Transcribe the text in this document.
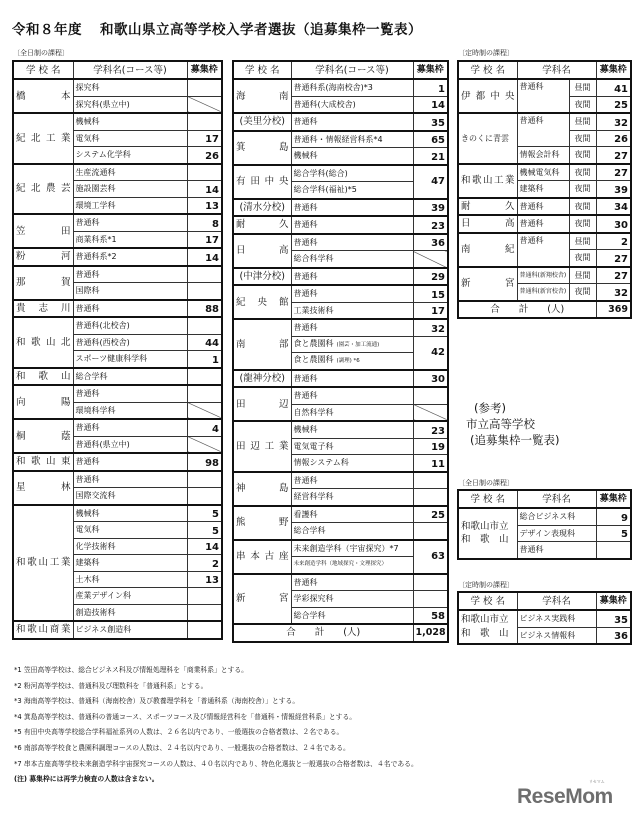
令和８年度 和歌山県立高等学校入学者選抜（追募集枠一覧表）
〔全日制の課程〕	〔定時制の課程〕
学 校 名	学科名(コース等)	募集枠
橋本	探究科	
	探究科(県立中)	
紀北工業	機械科	
	電気科	17
	システム化学科	26
紀北農芸	生産流通科	
	施設園芸科	14
	環境工学科	13
笠田	普通科	8
	商業科系*1	17
粉河	普通科系*2	14
那賀	普通科	
	国際科	
貴志川	普通科	88
和歌山北	普通科(北校舎)	
	普通科(西校舎)	44
	スポーツ健康科学科	1
和歌山	総合学科	
向陽	普通科	
	環境科学科	
桐蔭	普通科	4
	普通科(県立中)	
和歌山東	普通科	98
星林	普通科	
	国際交流科	
和歌山工業	機械科	5
	電気科	5
	化学技術科	14
	建築科	2
	土木科	13
	産業デザイン科	
	創造技術科	
和歌山商業	ビジネス創造科	
学 校 名	学科名(コース等)	募集枠
海南	普通科系(海南校舎)*3	1
	普通科(大成校舎)	14
(美里分校)	普通科	35
箕島	普通科・情報経営科系*4	65
	機械科	21
有田中央	総合学科(総合)	47
	総合学科(福祉)*5	
(清水分校)	普通科	39
耐久	普通科	23
日高	普通科	36
	総合科学科	
(中津分校)	普通科	29
紀央館	普通科	15
	工業技術科	17
南部	普通科	32
	食と農園科 (園芸・加工流通)	42
	食と農園科 (調理) *6	
(龍神分校)	普通科	30
田辺	普通科	
	自然科学科	
田辺工業	機械科	23
	電気電子科	19
	情報システム科	11
神島	普通科	
	経営科学科	
熊野	看護科	25
	総合学科	
串本古座	未来創造学科（宇宙探究）*7	63
	未来創造学科（地域探究・文理探究）	
新宮	普通科	
	学彩探究科	
	総合学科	58
合　　計　　(人)		1,028
学 校 名	学科名		募集枠
伊都中央	普通科	昼間	41
		夜間	25
きのくに青雲	普通科	昼間	32
		夜間	26
	情報会計科	夜間	27
和歌山工業	機械電気科	夜間	27
	建築科	夜間	39
耐久	普通科	夜間	34
日高	普通科	夜間	30
南紀	普通科	昼間	2
		夜間	27
新宮	普通科(新翔校舎)	昼間	27
	普通科(新宮校舎)	夜間	32
合　　計　　(人)			369
(参考)
市立高等学校
(追募集枠一覧表)
〔全日制の課程〕
学 校 名	学科名	募集枠

和歌山市立
和　歌　山	総合ビジネス科	9
	デザイン表現科	5
	普通科	
〔定時制の課程〕
学 校 名	学科名	募集枠

和歌山市立
和　歌　山	ビジネス実践科	35
	ビジネス情報科	36
*1 笠田高等学校は、総合ビジネス科及び情報処理科を「商業科系」とする。
*2 粉河高等学校は、普通科及び理数科を「普通科系」とする。
*3 海南高等学校は、普通科（海南校舎）及び教養理学科を「普通科系（海南校舎）」とする。
*4 箕島高等学校は、普通科の普通コース、スポーツコース及び情報経営科を「普通科・情報経営科系」とする。
*5 有田中央高等学校総合学科福祉系列の人数は、２６名以内であり、一般選抜の合格者数は、２名である。
*6 南部高等学校食と農園科調理コースの人数は、２４名以内であり、一般選抜の合格者数は、２４名である。
*7 串本古座高等学校未来創造学科宇宙探究コースの人数は、４０名以内であり、特色化選抜と一般選抜の合格者数は、４名である。
(注) 募集枠には再学力検査の人数は含まない。	リセマム
ReseMom
